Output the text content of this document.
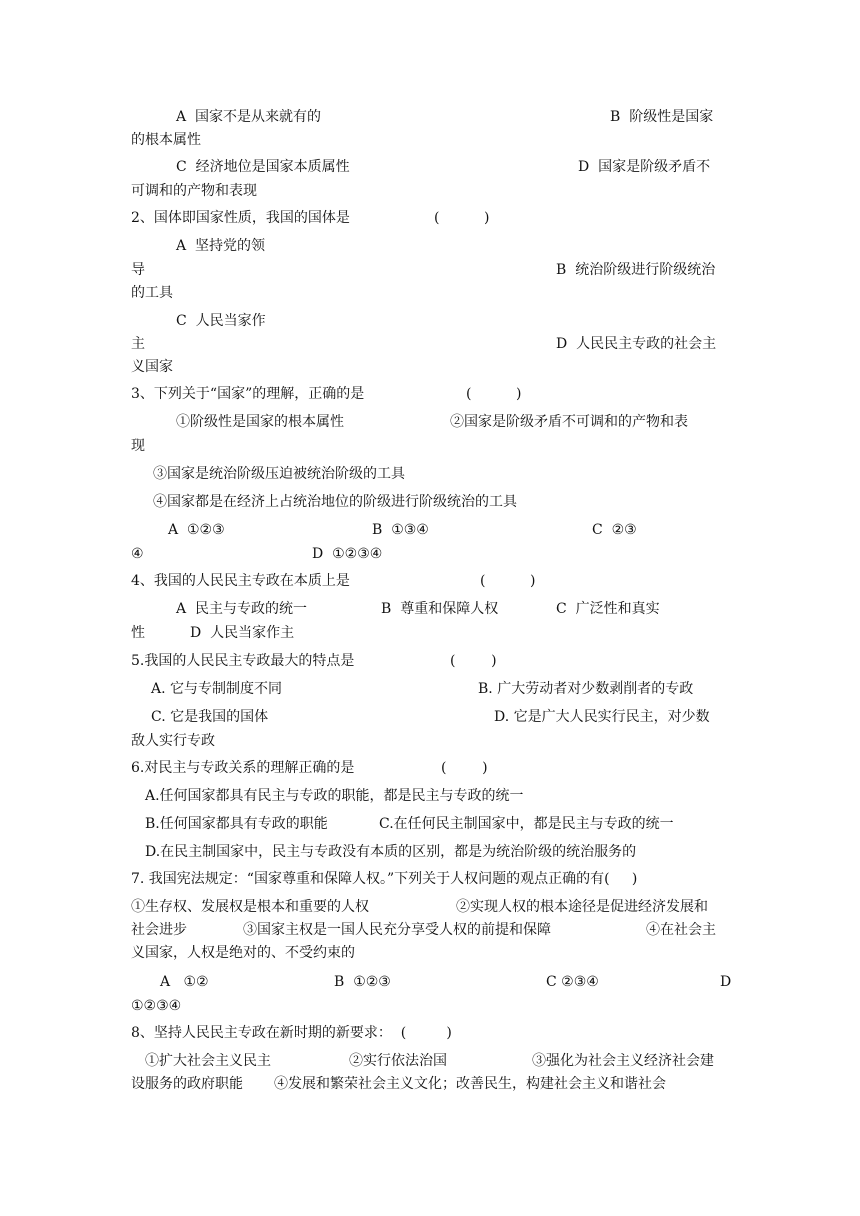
A  国家不是从来就有的	B  阶级性是国家
的根本属性
C  经济地位是国家本质属性	D  国家是阶级矛盾不
可调和的产物和表现
2、国体即国家性质，我国的国体是	(          )
A  坚持党的领
导	B  统治阶级进行阶级统治
的工具
C  人民当家作
主	D  人民民主专政的社会主
义国家
3、下列关于“国家”的理解，正确的是	(          )
①阶级性是国家的根本属性	②国家是阶级矛盾不可调和的产物和表
现
③国家是统治阶级压迫被统治阶级的工具
④国家都是在经济上占统治地位的阶级进行阶级统治的工具
A  ①②③	B  ①③④	C  ②③
④	D  ①②③④
4、我国的人民民主专政在本质上是	(          )
A  民主与专政的统一	B  尊重和保障人权	C  广泛性和真实
性	D  人民当家作主
5.我国的人民民主专政最大的特点是	(        )
A. 它与专制制度不同	B. 广大劳动者对少数剥削者的专政
C. 它是我国的国体	D. 它是广大人民实行民主，对少数
敌人实行专政
6.对民主与专政关系的理解正确的是	(        )
A.任何国家都具有民主与专政的职能，都是民主与专政的统一
B.任何国家都具有专政的职能	C.在任何民主制国家中，都是民主与专政的统一
D.在民主制国家中，民主与专政没有本质的区别，都是为统治阶级的统治服务的
7. 我国宪法规定：“国家尊重和保障人权。”下列关于人权问题的观点正确的有(     )
①生存权、发展权是根本和重要的人权	②实现人权的根本途径是促进经济发展和
社会进步	③国家主权是一国人民充分享受人权的前提和保障	④在社会主
义国家，人权是绝对的、不受约束的
A   ①②	B  ①②③	C ②③④	D
①②③④
8、坚持人民民主专政在新时期的新要求：  (         )
①扩大社会主义民主	②实行依法治国	③强化为社会主义经济社会建
设服务的政府职能 ④发展和繁荣社会主义文化；改善民生，构建社会主义和谐社会
